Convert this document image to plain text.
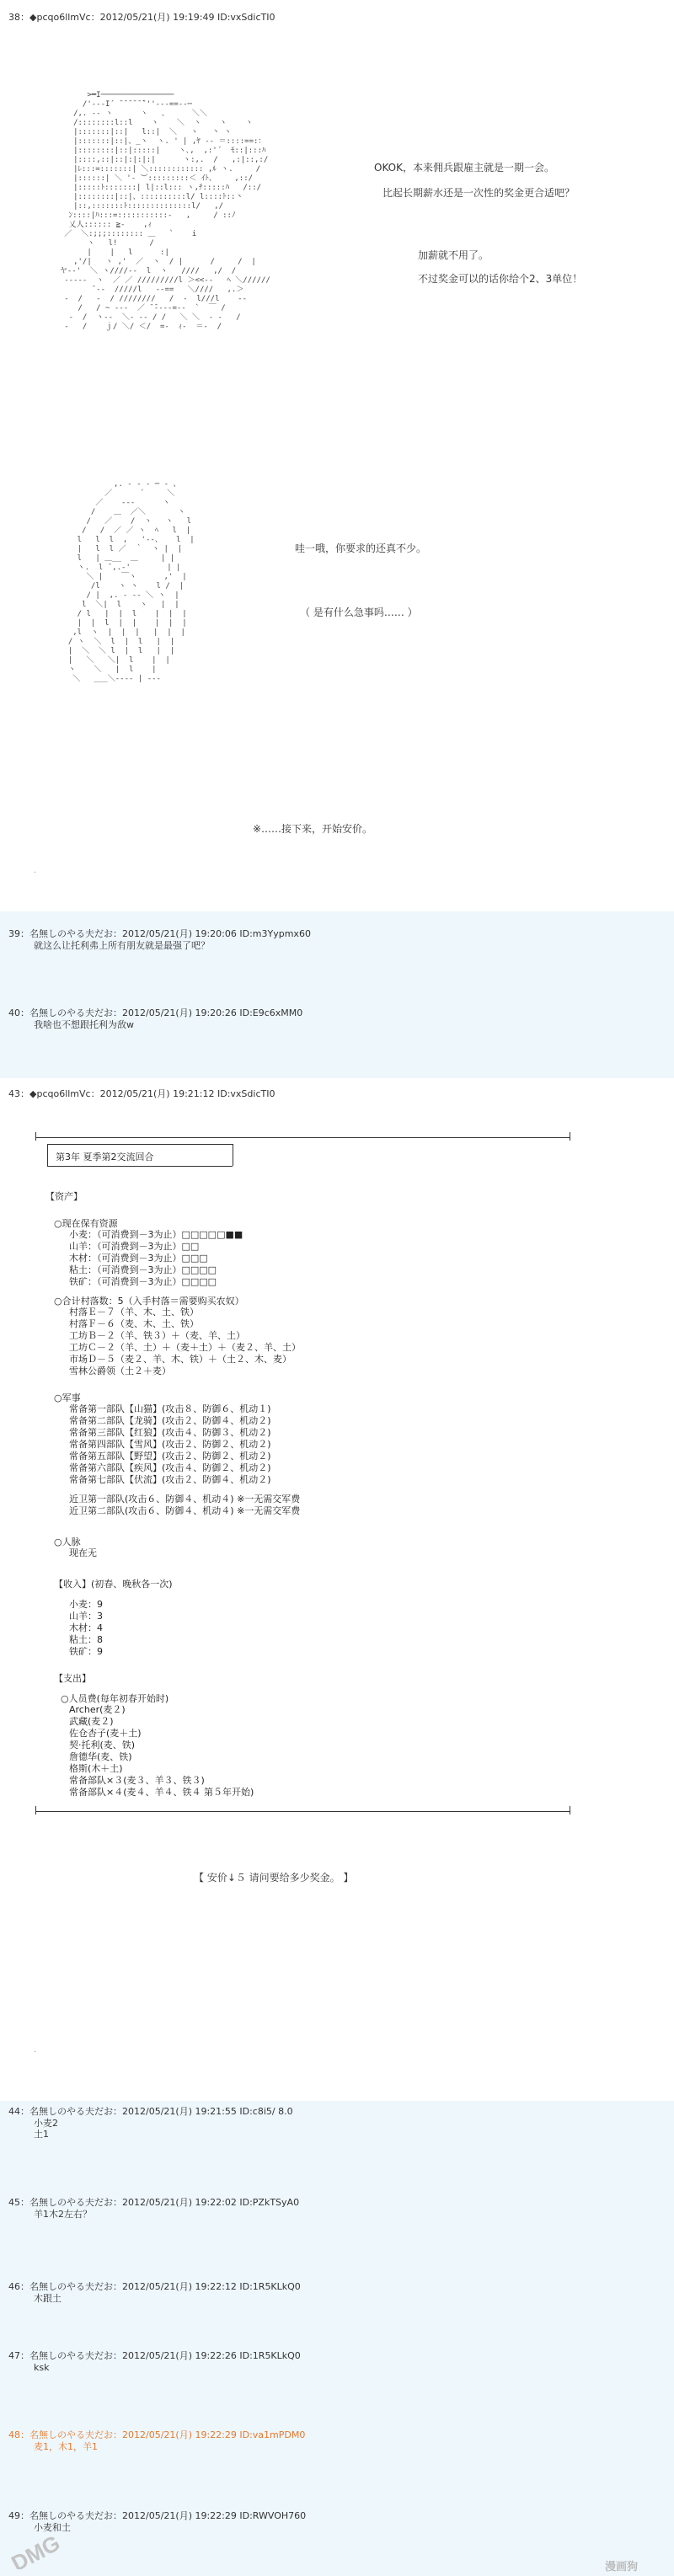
38：◆pcqo6llmVc：2012/05/21(月) 19:19:49 ID:vxSdicTI0
>━I────────────────
/'‐‐‐I´ ̄ ̄ ̄ ̄ ̄ ̄`''‐‐‐==‐‐─
/,. ‐‐ ヽ      ヽ   、     ＼＼
/::::::::l::l    ヽ    ＼  ヽ    ヽ    ヽ
|:::::::|::|   l::|  ＼   ヽ   丶 ヽ
|:::::::|::|、_ヽ  ヽ. ' | ,ﾔ ‐‐ ＝::::==:：
|::::::::|::|:::::|    ヽ､,  ,:'´  ﾓ::|:::ﾊ
|::::,::|::|:|:|:|      ヽ:,.  /   ,:|::,:/
|ﾚ:::=:::::::| ＼:::::::::::: ,ﾙ ヽ.     /
|::::::| ＼ '‐ ︶:::::::::＜ ｲﾄ、    ,::/
|:::::ﾄ:::::::| l|::l::: ヽ,ﾁ:::::ﾊ   /::/
|::::::::|::|、::::::::::l/ l::::ﾄ::丶
|::,:::::::ﾄ::::::::::::::l/   ,/
ﾝ::::|ﾊ:::=:::::::::::-   ,     / ::ﾉ
乂人:::::: ≧‐    ,ｨ
／  ＼:;;;:::::::: ＿   `    i
ヽ   l!       /
|    |   l      :|
,'/|   ヽ ,'  ／  ヽ  / |      /     /  |
ヤ‐‐'  ＼ ヽ////‐‐  l  ヽ   ////   ,/  /
‐‐‐‐‐  ヽ  ／ ／ /////////l ＞<<‐‐   ﾍ ＼//////
̄ ‐‐  /////l   ‐‐==   ＼////   ,.＞
‐  /   ‐  / ////////   /  -  l///l    ‐‐
/   / ~ ‐‐‐  ／ ̄ ̄‐‐‐‐=‐‐  `  ￣ /
‐  /  ヽ‐‐  ＼‐ ‐‐ / /   ＼ ＼  ‐ ‐   /
‐   /    ｊ/ ＼/ ＜/  =‐  ｨ‐  ＝‐  /
OKOK，本来佣兵跟雇主就是一期一会。
比起长期薪水还是一次性的奖金更合适吧？
加薪就不用了。
不过奖金可以的话你给个2、3单位！
,. ‐ ‐ ‐ ─ ‐ 、
／      ´     ＼
／    ‐‐‐      ヽ
/    ＿  ／＼       ヽ
/   ／    /  ヽ   ヽ   l
/   /  ／ ／ ヽ  ﾍ   l  |
l   l  l  ,   '‐‐、   l  |
|   l  l ／  ｀  ヽ |  |
l   | ＿__  ＿     | |
ヽ.  l ̄ ,.‐'        | |
＼ |    ￣ヽ      ,'  |
/l    ヽ ヽ    l /  |
/ |  ,. - ‐‐ ＼ ヽ  |
l  ＼|  l    ヽ   |  |
/ l   |  |  l    |  |  |
|  |  l  |  |    |  |  |
,l  ヽ  |  |  |   |  |  |
/ ヽ  ＼  l  |  l   |  |
|  ＼  ＼ l  |  l   |  |
|   ＼   ＼|  l    |  |
ヽ    ＼   |  l    |
＼   ___＼‐‐‐‐ | ‐‐‐
哇一哦，你要求的还真不少。
（ 是有什么急事吗…… ）
※……接下来，开始安价。
.
39：名無しのやる夫だお：2012/05/21(月) 19:20:06 ID:m3Yypmx60
就这么让托利弗上所有朋友就是最强了吧？
40：名無しのやる夫だお：2012/05/21(月) 19:20:26 ID:E9c6xMM0
我啥也不想跟托利为敌w
43：◆pcqo6llmVc：2012/05/21(月) 19:21:12 ID:vxSdicTI0
第3年 夏季第2交流回合
【资产】
○现在保有资源
小麦：（可消费到－3为止）□□□□□■■
山羊：（可消费到－3为止）□□
木材：（可消费到－3为止）□□□
粘土：（可消费到－3为止）□□□□
铁矿：（可消费到－3为止）□□□□
○合计村落数：5（入手村落＝需要购买农奴）
村落Ｅ－７（羊、木、土、铁）
村落Ｆ－６（麦、木、土、铁）
工坊Ｂ－２（羊、铁３）＋（麦、羊、土）
工坊Ｃ－２（羊、土）＋（麦＋土）＋（麦２、羊、土）
市场Ｄ－５（麦２、羊、木、铁）＋（土２、木、麦）
雪林公爵领（土２＋麦）
○军事
常备第一部队【山猫】(攻击８、防御６、机动１)
常备第二部队【龙骑】(攻击２、防御４、机动２)
常备第三部队【红狼】(攻击４、防御３、机动２)
常备第四部队【雪风】(攻击２、防御２、机动２)
常备第五部队【野望】(攻击２、防御２、机动２)
常备第六部队【疾风】(攻击４、防御２、机动２)
常备第七部队【伏流】(攻击２、防御４、机动２)
近卫第一部队(攻击６、防御４、机动４) ※一无需交军费
近卫第二部队(攻击６、防御４、机动４) ※一无需交军费
○人脉
现在无
【收入】(初春、晚秋各一次)
小麦：9
山羊：3
木材：4
粘土：8
铁矿：9
【支出】
○人员费(每年初春开始时)
Archer(麦２)
武藏(麦２)
佐仓杏子(麦＋土)
契·托利(麦、铁)
詹德华(麦、铁)
格斯(木＋土)
常备部队×３(麦３、羊３、铁３)
常备部队×４(麦４、羊４、铁４ 第５年开始)
【 安价↓５ 请问要给多少奖金。 】
.
44：名無しのやる夫だお：2012/05/21(月) 19:21:55 ID:c8i5/ 8.0
小麦2
土1
45：名無しのやる夫だお：2012/05/21(月) 19:22:02 ID:PZkTSyA0
羊1木2左右？
46：名無しのやる夫だお：2012/05/21(月) 19:22:12 ID:1R5KLkQ0
木跟土
47：名無しのやる夫だお：2012/05/21(月) 19:22:26 ID:1R5KLkQ0
ksk
48：名無しのやる夫だお：2012/05/21(月) 19:22:29 ID:va1mPDM0
麦1，木1，羊1
49：名無しのやる夫だお：2012/05/21(月) 19:22:29 ID:RWVOH760
小麦和土
DMG	漫画狗
